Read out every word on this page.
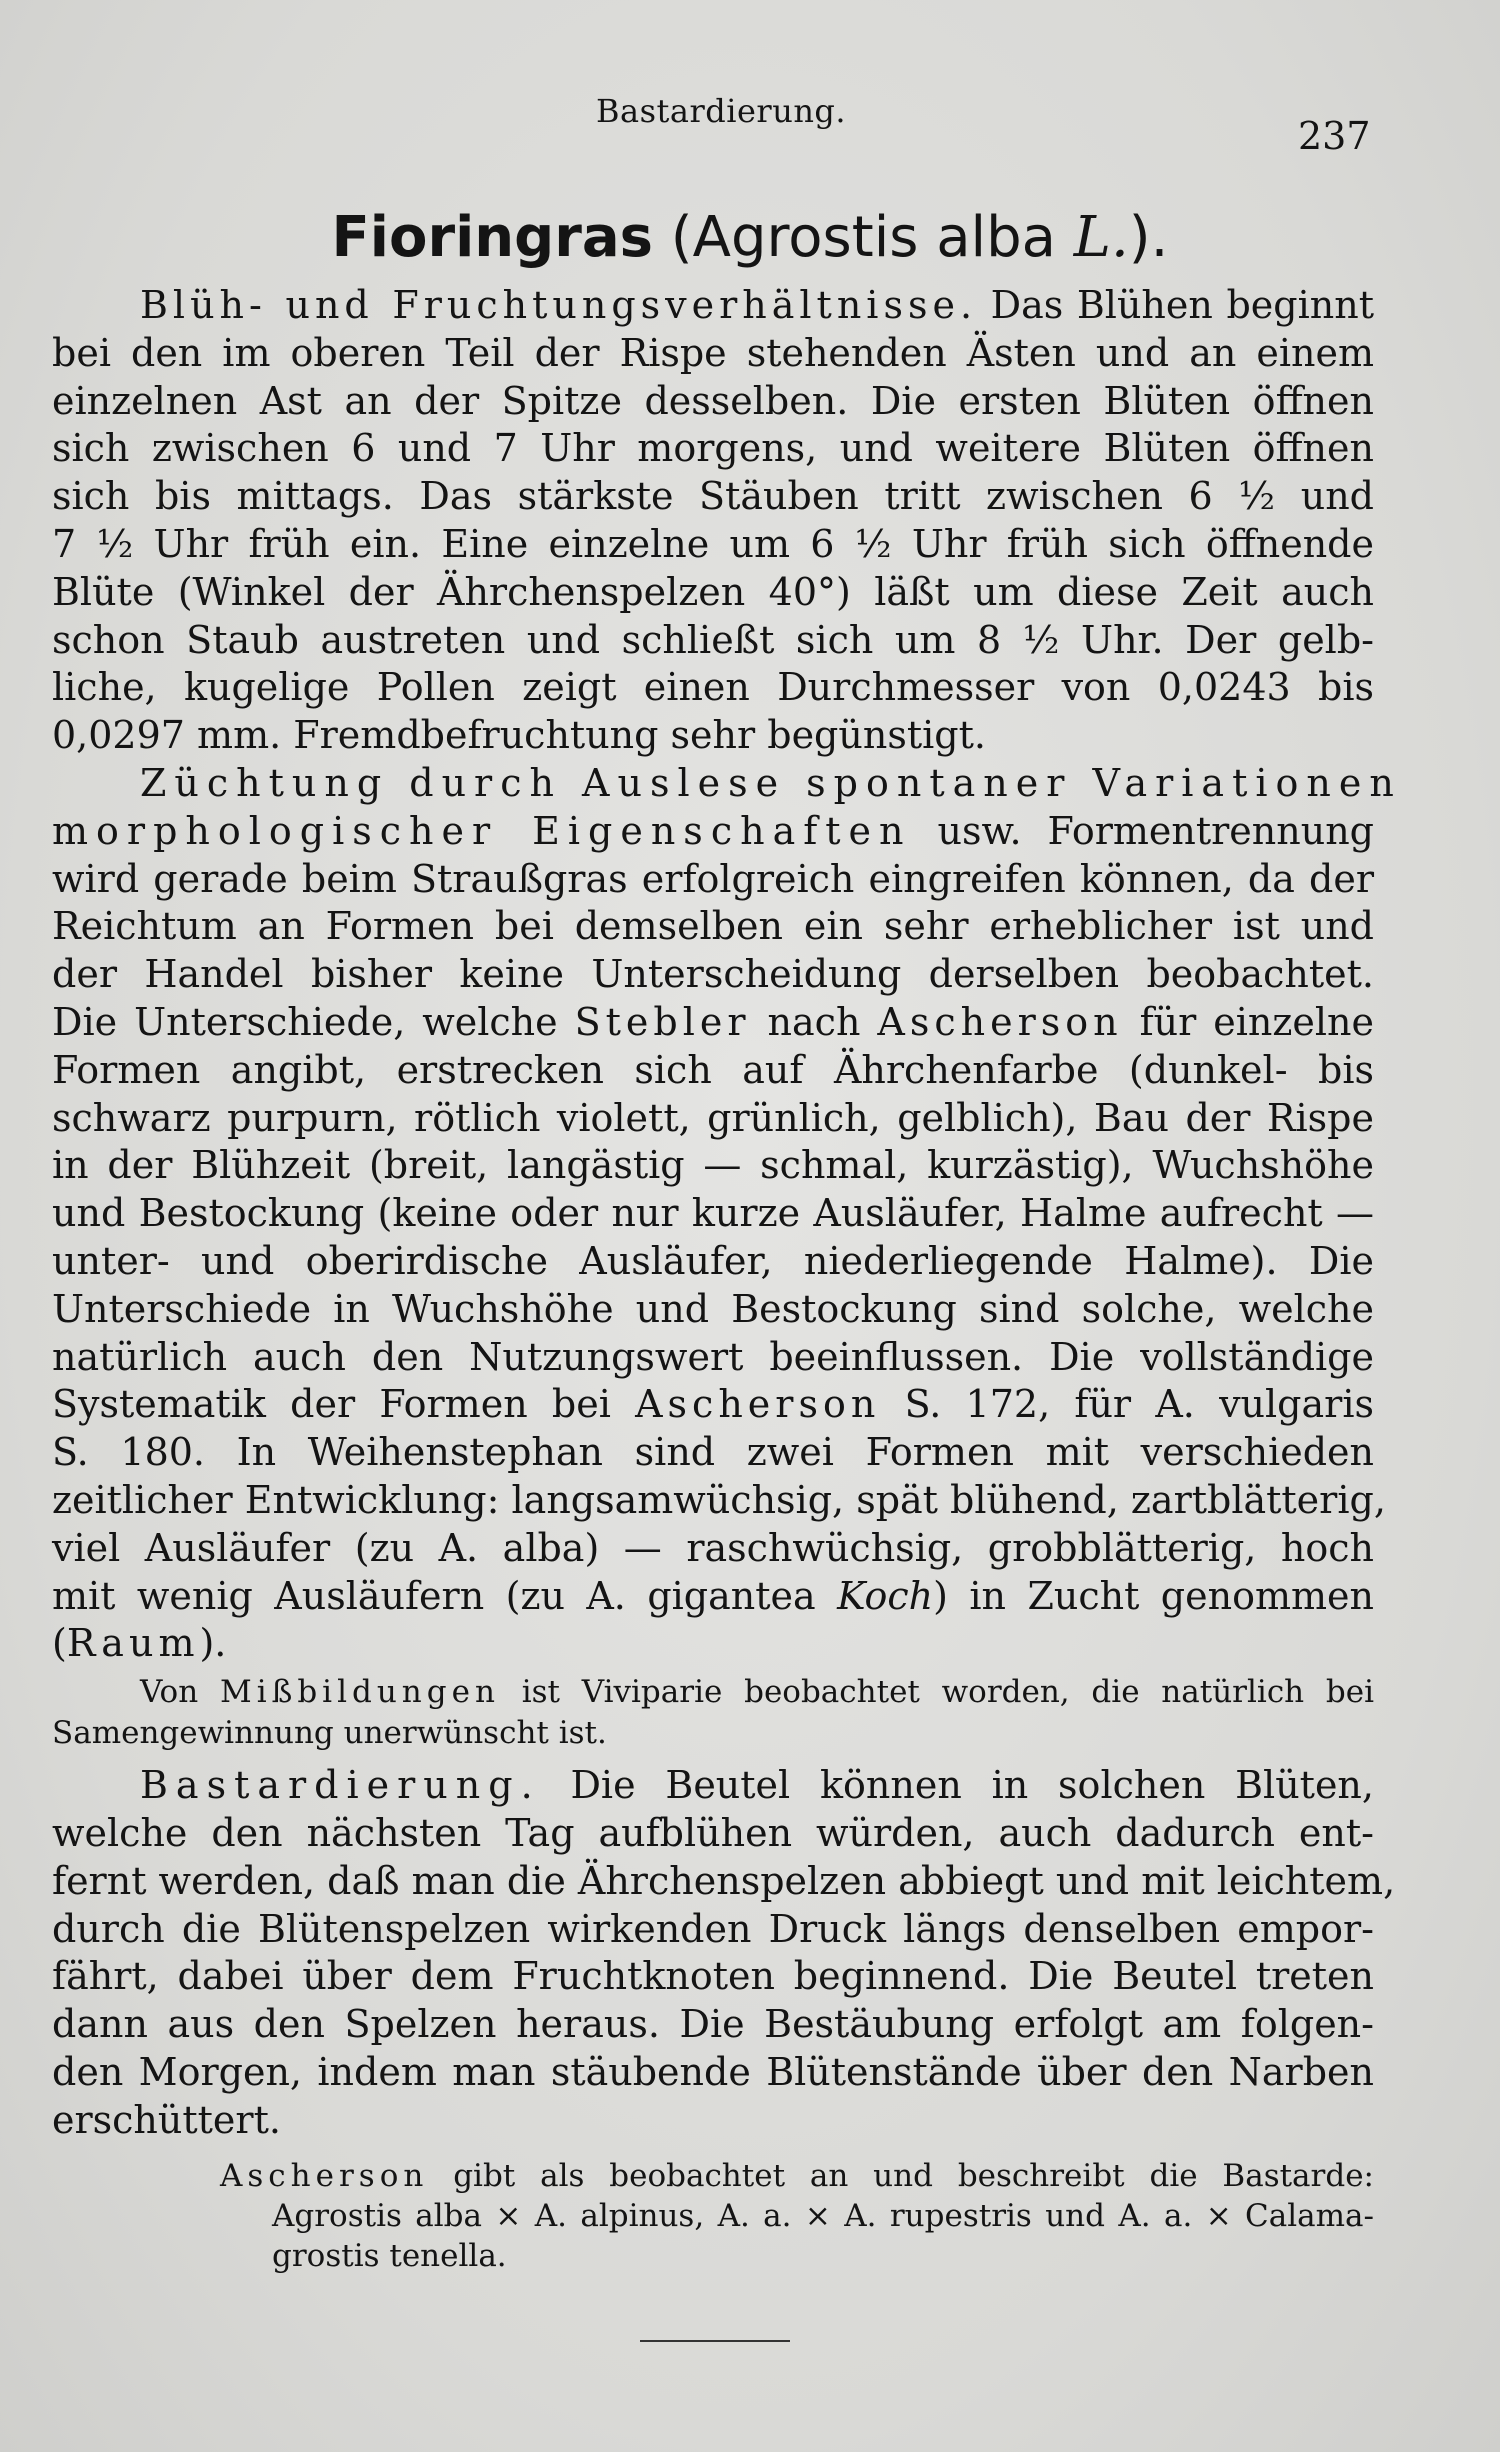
Bastardierung.
237
Fioringras (Agrostis alba L.).
Blüh- und Fruchtungsverhältnisse. Das Blühen beginnt
bei den im oberen Teil der Rispe stehenden Ästen und an einem
einzelnen Ast an der Spitze desselben. Die ersten Blüten öffnen
sich zwischen 6 und 7 Uhr morgens, und weitere Blüten öffnen
sich bis mittags. Das stärkste Stäuben tritt zwischen 6 ½ und
7 ½ Uhr früh ein. Eine einzelne um 6 ½ Uhr früh sich öffnende
Blüte (Winkel der Ährchenspelzen 40°) läßt um diese Zeit auch
schon Staub austreten und schließt sich um 8 ½ Uhr. Der gelb-
liche, kugelige Pollen zeigt einen Durchmesser von 0,0243 bis
0,0297 mm. Fremdbefruchtung sehr begünstigt.
Züchtung durch Auslese spontaner Variationen
morphologischer Eigenschaften usw. Formentrennung
wird gerade beim Straußgras erfolgreich eingreifen können, da der
Reichtum an Formen bei demselben ein sehr erheblicher ist und
der Handel bisher keine Unterscheidung derselben beobachtet.
Die Unterschiede, welche Stebler nach Ascherson für einzelne
Formen angibt, erstrecken sich auf Ährchenfarbe (dunkel- bis
schwarz purpurn, rötlich violett, grünlich, gelblich), Bau der Rispe
in der Blühzeit (breit, langästig — schmal, kurzästig), Wuchshöhe
und Bestockung (keine oder nur kurze Ausläufer, Halme aufrecht —
unter- und oberirdische Ausläufer, niederliegende Halme). Die
Unterschiede in Wuchshöhe und Bestockung sind solche, welche
natürlich auch den Nutzungswert beeinflussen. Die vollständige
Systematik der Formen bei Ascherson S. 172, für A. vulgaris
S. 180. In Weihenstephan sind zwei Formen mit verschieden
zeitlicher Entwicklung: langsamwüchsig, spät blühend, zartblätterig,
viel Ausläufer (zu A. alba) — raschwüchsig, grobblätterig, hoch
mit wenig Ausläufern (zu A. gigantea Koch) in Zucht genommen
(Raum).
Von Mißbildungen ist Viviparie beobachtet worden, die natürlich bei
Samengewinnung unerwünscht ist.
Bastardierung. Die Beutel können in solchen Blüten,
welche den nächsten Tag aufblühen würden, auch dadurch ent-
fernt werden, daß man die Ährchenspelzen abbiegt und mit leichtem,
durch die Blütenspelzen wirkenden Druck längs denselben empor-
fährt, dabei über dem Fruchtknoten beginnend. Die Beutel treten
dann aus den Spelzen heraus. Die Bestäubung erfolgt am folgen-
den Morgen, indem man stäubende Blütenstände über den Narben
erschüttert.
Ascherson gibt als beobachtet an und beschreibt die Bastarde:
Agrostis alba × A. alpinus, A. a. × A. rupestris und A. a. × Calama-
grostis tenella.
